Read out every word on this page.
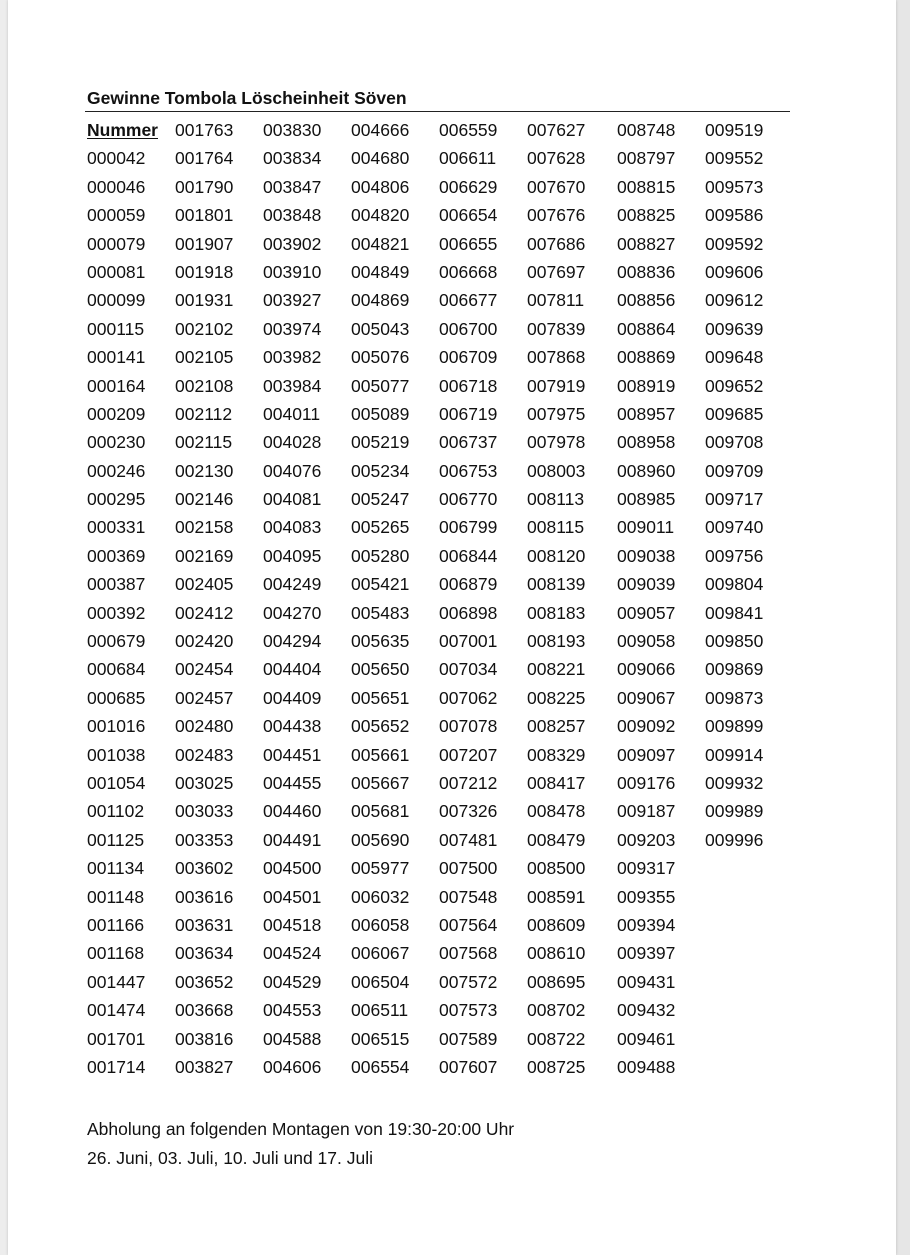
Gewinne Tombola Löscheinheit Söven
Nummer
000042
000046
000059
000079
000081
000099
000115
000141
000164
000209
000230
000246
000295
000331
000369
000387
000392
000679
000684
000685
001016
001038
001054
001102
001125
001134
001148
001166
001168
001447
001474
001701
001714
001763
001764
001790
001801
001907
001918
001931
002102
002105
002108
002112
002115
002130
002146
002158
002169
002405
002412
002420
002454
002457
002480
002483
003025
003033
003353
003602
003616
003631
003634
003652
003668
003816
003827
003830
003834
003847
003848
003902
003910
003927
003974
003982
003984
004011
004028
004076
004081
004083
004095
004249
004270
004294
004404
004409
004438
004451
004455
004460
004491
004500
004501
004518
004524
004529
004553
004588
004606
004666
004680
004806
004820
004821
004849
004869
005043
005076
005077
005089
005219
005234
005247
005265
005280
005421
005483
005635
005650
005651
005652
005661
005667
005681
005690
005977
006032
006058
006067
006504
006511
006515
006554
006559
006611
006629
006654
006655
006668
006677
006700
006709
006718
006719
006737
006753
006770
006799
006844
006879
006898
007001
007034
007062
007078
007207
007212
007326
007481
007500
007548
007564
007568
007572
007573
007589
007607
007627
007628
007670
007676
007686
007697
007811
007839
007868
007919
007975
007978
008003
008113
008115
008120
008139
008183
008193
008221
008225
008257
008329
008417
008478
008479
008500
008591
008609
008610
008695
008702
008722
008725
008748
008797
008815
008825
008827
008836
008856
008864
008869
008919
008957
008958
008960
008985
009011
009038
009039
009057
009058
009066
009067
009092
009097
009176
009187
009203
009317
009355
009394
009397
009431
009432
009461
009488
009519
009552
009573
009586
009592
009606
009612
009639
009648
009652
009685
009708
009709
009717
009740
009756
009804
009841
009850
009869
009873
009899
009914
009932
009989
009996
Abholung an folgenden Montagen von 19:30-20:00 Uhr
26. Juni, 03. Juli, 10. Juli und 17. Juli
